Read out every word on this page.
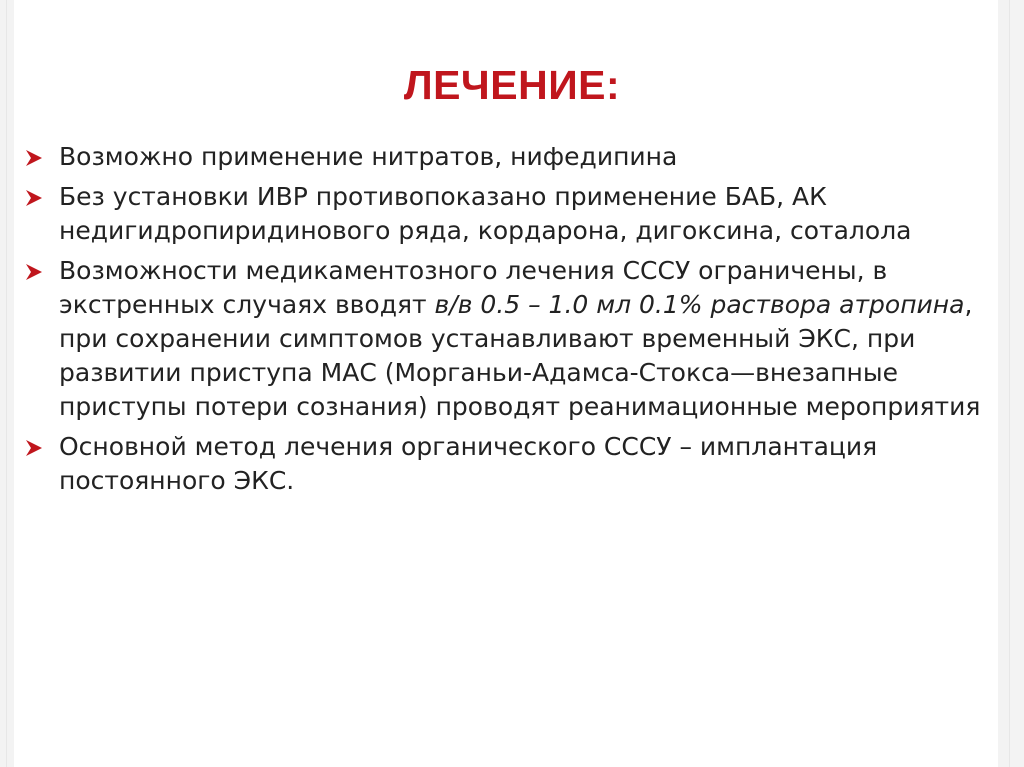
ЛЕЧЕНИЕ:
Возможно применение нитратов, нифедипина
Без установки ИВР противопоказано применение БАБ, АК недигидропиридинового ряда, кордарона, дигоксина, соталола
Возможности медикаментозного лечения СССУ ограничены, в экстренных случаях вводят в/в 0.5 – 1.0 мл 0.1% раствора атропина, при сохранении симптомов устанавливают временный ЭКС, при развитии приступа МАС (Морганьи-Адамса-Стокса—внезапные приступы потери сознания) проводят реанимационные мероприятия
Основной метод лечения органического СССУ – имплантация постоянного ЭКС.
